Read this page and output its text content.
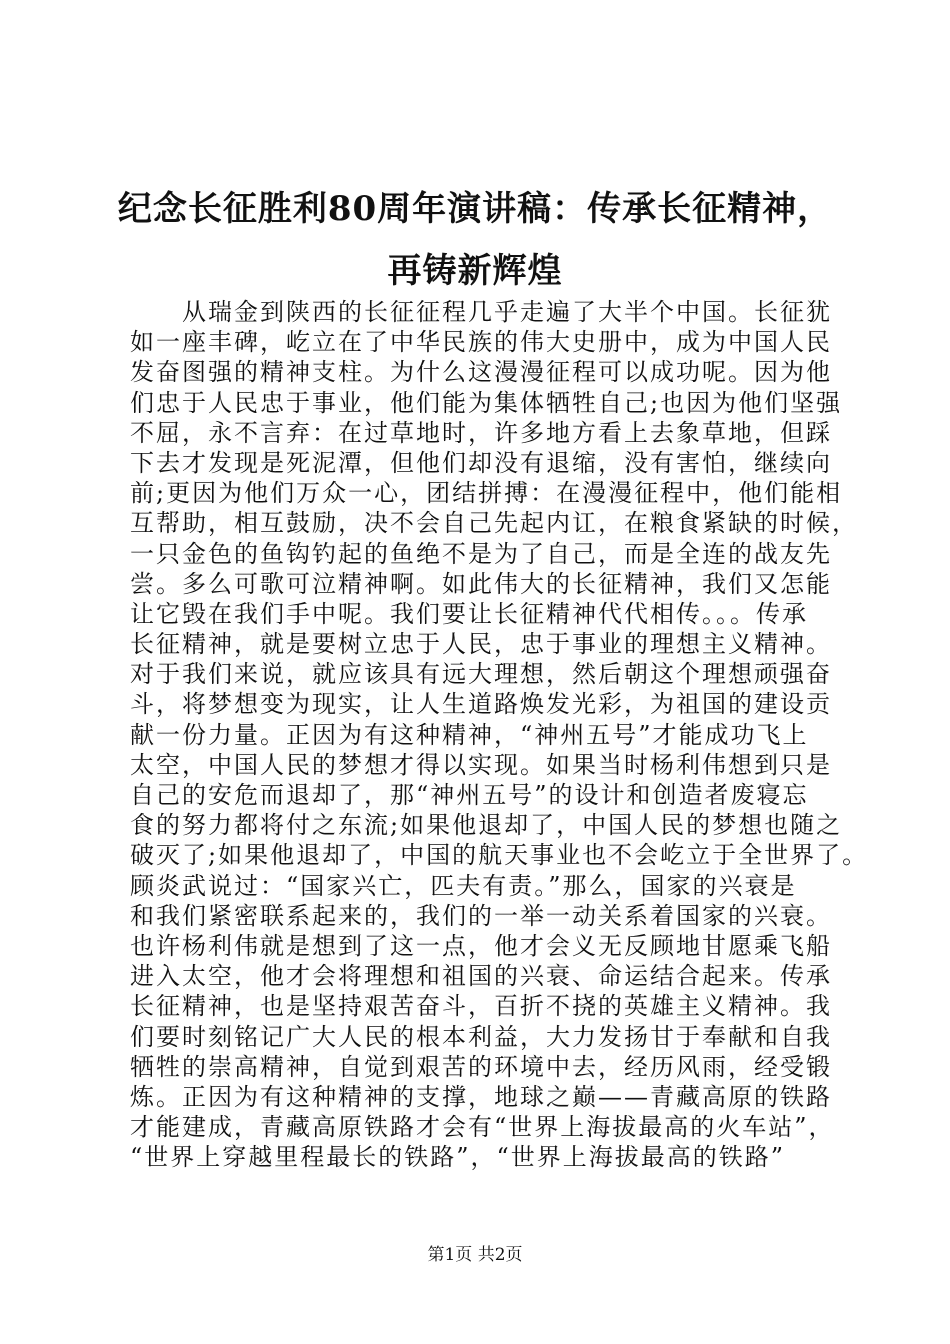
纪念长征胜利80周年演讲稿：传承长征精神，
再铸新辉煌
从瑞金到陕西的长征征程几乎走遍了大半个中国。长征犹
如一座丰碑，屹立在了中华民族的伟大史册中，成为中国人民
发奋图强的精神支柱。为什么这漫漫征程可以成功呢。因为他
们忠于人民忠于事业，他们能为集体牺牲自己;也因为他们坚强
不屈，永不言弃：在过草地时，许多地方看上去象草地，但踩
下去才发现是死泥潭，但他们却没有退缩，没有害怕，继续向
前;更因为他们万众一心，团结拼搏：在漫漫征程中，他们能相
互帮助，相互鼓励，决不会自己先起内讧，在粮食紧缺的时候，
一只金色的鱼钩钓起的鱼绝不是为了自己，而是全连的战友先
尝。多么可歌可泣精神啊。如此伟大的长征精神，我们又怎能
让它毁在我们手中呢。我们要让长征精神代代相传。。。传承
长征精神，就是要树立忠于人民，忠于事业的理想主义精神。
对于我们来说，就应该具有远大理想，然后朝这个理想顽强奋
斗，将梦想变为现实，让人生道路焕发光彩，为祖国的建设贡
献一份力量。正因为有这种精神，“神州五号”才能成功飞上
太空，中国人民的梦想才得以实现。如果当时杨利伟想到只是
自己的安危而退却了，那“神州五号”的设计和创造者废寝忘
食的努力都将付之东流;如果他退却了，中国人民的梦想也随之
破灭了;如果他退却了，中国的航天事业也不会屹立于全世界了。
顾炎武说过：“国家兴亡，匹夫有责。”那么，国家的兴衰是
和我们紧密联系起来的，我们的一举一动关系着国家的兴衰。
也许杨利伟就是想到了这一点，他才会义无反顾地甘愿乘飞船
进入太空，他才会将理想和祖国的兴衰、命运结合起来。传承
长征精神，也是坚持艰苦奋斗，百折不挠的英雄主义精神。我
们要时刻铭记广大人民的根本利益，大力发扬甘于奉献和自我
牺牲的崇高精神，自觉到艰苦的环境中去，经历风雨，经受锻
炼。正因为有这种精神的支撑，地球之巅——青藏高原的铁路
才能建成，青藏高原铁路才会有“世界上海拔最高的火车站”，
“世界上穿越里程最长的铁路”，“世界上海拔最高的铁路”
第1页 共2页
